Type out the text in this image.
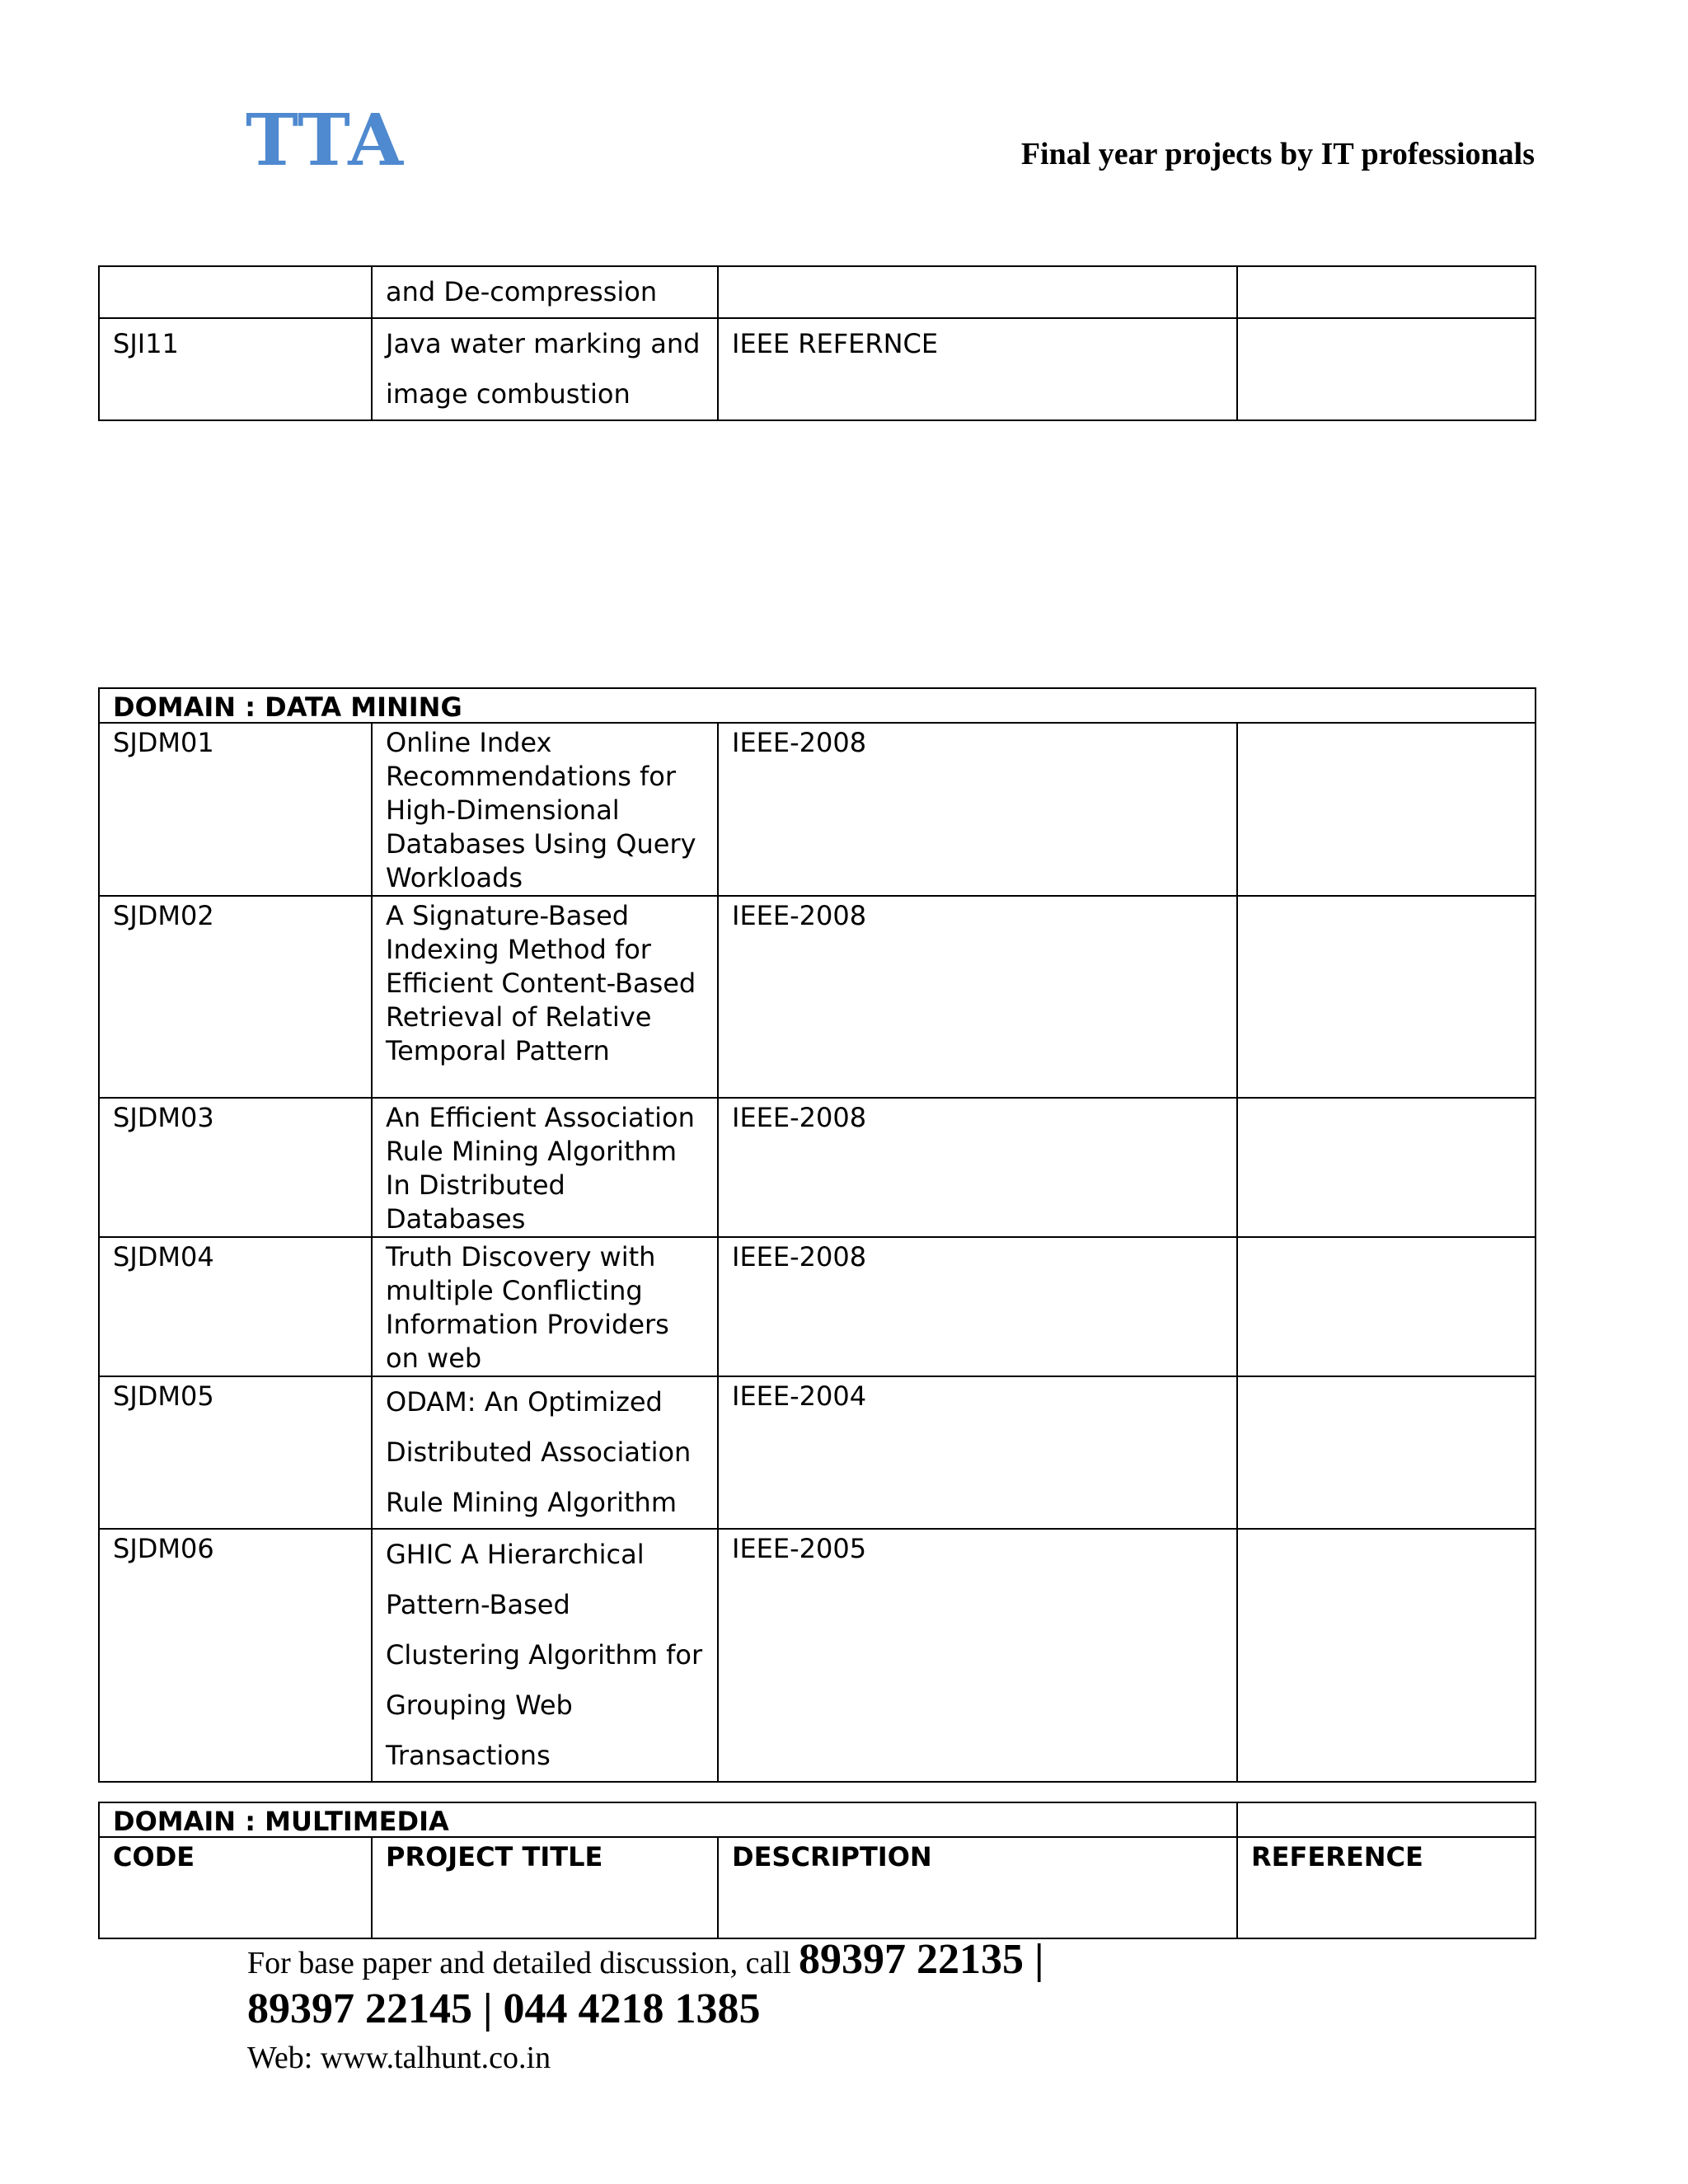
TTA	Final year projects by IT professionals
	and De-compression		
SJI11	Java water marking and image combustion	IEEE REFERNCE	
DOMAIN : DATA MINING			
SJDM01	Online Index Recommendations for High-Dimensional Databases Using Query Workloads	IEEE-2008	
SJDM02	A Signature-Based Indexing Method for Efficient Content-Based Retrieval of Relative Temporal Pattern	IEEE-2008	
SJDM03	An Efficient Association Rule Mining Algorithm In Distributed Databases	IEEE-2008	
SJDM04	Truth Discovery with multiple Conflicting Information Providers on web	IEEE-2008	
SJDM05	ODAM: An Optimized Distributed Association Rule Mining Algorithm	IEEE-2004	
SJDM06	GHIC A Hierarchical Pattern-Based Clustering Algorithm for Grouping Web Transactions	IEEE-2005	
DOMAIN : MULTIMEDIA			
CODE	PROJECT TITLE	DESCRIPTION	REFERENCE
For base paper and detailed discussion, call 89397 22135 |
89397 22145 | 044 4218 1385
Web: www.talhunt.co.in
